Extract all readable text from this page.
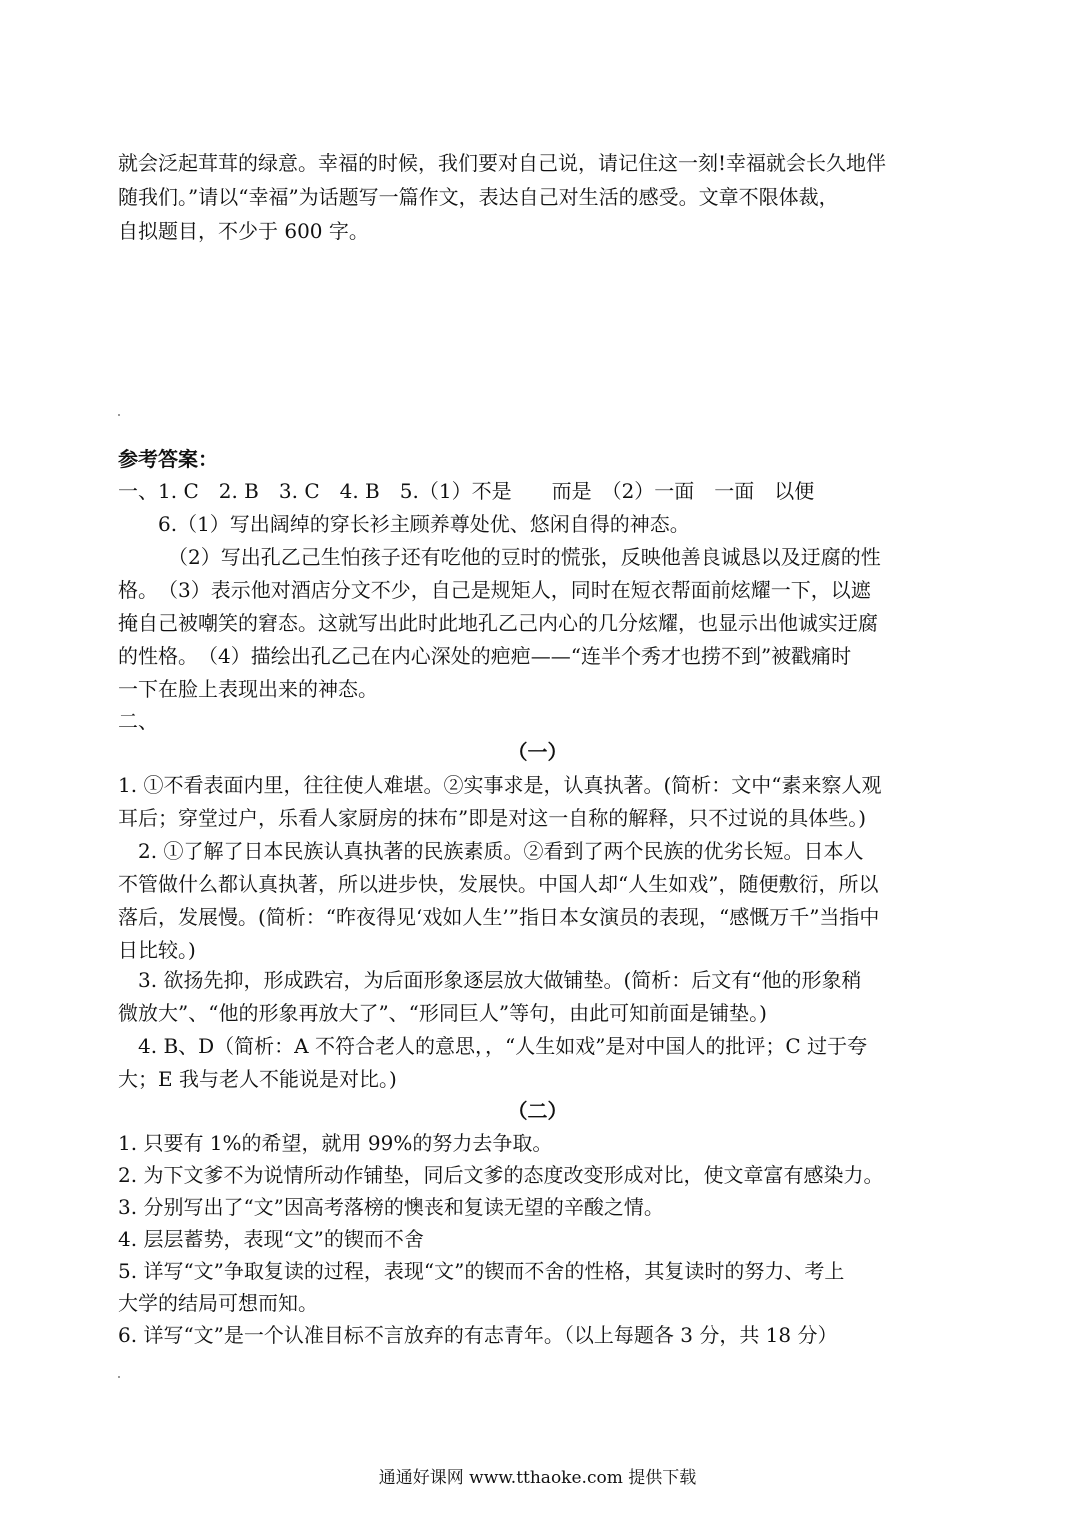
就会泛起茸茸的绿意。幸福的时候，我们要对自己说，请记住这一刻!幸福就会长久地伴
随我们。”请以“幸福”为话题写一篇作文，表达自己对生活的感受。文章不限体裁，
自拟题目，不少于 600 字。
参考答案：
一、1. C　2. B　3. C　4. B　5.（1）不是　　而是　（2）一面　一面　以便
　　6.（1）写出阔绰的穿长衫主顾养尊处优、悠闲自得的神态。
　　　（2）写出孔乙己生怕孩子还有吃他的豆时的慌张，反映他善良诚恳以及迂腐的性
格。　（3）表示他对酒店分文不少，自己是规矩人，同时在短衣帮面前炫耀一下，以遮
掩自己被嘲笑的窘态。这就写出此时此地孔乙己内心的几分炫耀，也显示出他诚实迂腐
的性格。　（4）描绘出孔乙己在内心深处的疤疤——“连半个秀才也捞不到”被戳痛时
一下在脸上表现出来的神态。
二、
（一）
1. ①不看表面内里，往往使人难堪。②实事求是，认真执著。(简析：文中“素来察人观
耳后；穿堂过户，乐看人家厨房的抹布”即是对这一自称的解释，只不过说的具体些。)
　2. ①了解了日本民族认真执著的民族素质。②看到了两个民族的优劣长短。日本人
不管做什么都认真执著，所以进步快，发展快。中国人却“人生如戏”，随便敷衍，所以
落后，发展慢。(简析：“昨夜得见‘戏如人生’”指日本女演员的表现，“感慨万千”当指中
日比较。)
　3. 欲扬先抑，形成跌宕，为后面形象逐层放大做铺垫。(简析：后文有“他的形象稍
微放大”、“他的形象再放大了”、“形同巨人”等句，由此可知前面是铺垫。)
　4. B、D（简析：A 不符合老人的意思，，“人生如戏”是对中国人的批评；C 过于夸
大；E 我与老人不能说是对比。)
（二）
1. 只要有 1%的希望，就用 99%的努力去争取。
2. 为下文爹不为说情所动作铺垫，同后文爹的态度改变形成对比，使文章富有感染力。
3. 分别写出了“文”因高考落榜的懊丧和复读无望的辛酸之情。
4. 层层蓄势，表现“文”的锲而不舍
5. 详写“文”争取复读的过程，表现“文”的锲而不舍的性格，其复读时的努力、考上
大学的结局可想而知。
6. 详写“文”是一个认准目标不言放弃的有志青年。（以上每题各 3 分，共 18 分）
通通好课网 www.tthaoke.com 提供下载
